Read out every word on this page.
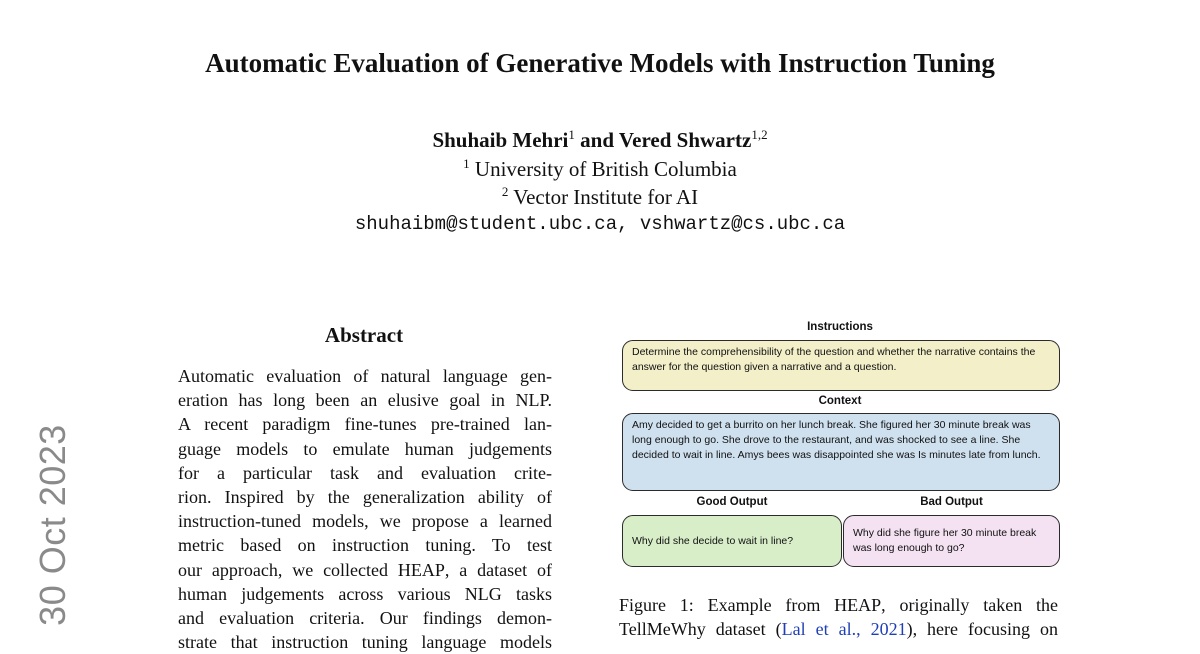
30 Oct 2023
Automatic Evaluation of Generative Models with Instruction Tuning
Shuhaib Mehri$^1$ and Vered Shwartz$^{1,2}$
$^1$ University of British Columbia
$^2$ Vector Institute for AI
shuhaibm@student.ubc.ca, vshwartz@cs.ubc.ca
Abstract
Automatic evaluation of natural language gen-
eration has long been an elusive goal in NLP.
A recent paradigm fine-tunes pre-trained lan-
guage models to emulate human judgements
for a particular task and evaluation crite-
rion. Inspired by the generalization ability of
instruction-tuned models, we propose a learned
metric based on instruction tuning. To test
our approach, we collected HEAP, a dataset of
human judgements across various NLG tasks
and evaluation criteria. Our findings demon-
strate that instruction tuning language models
Instructions
Determine the comprehensibility of the question and whether the narrative contains the answer for the question given a narrative and a question.
Context
Amy decided to get a burrito on her lunch break. She figured her 30 minute break was long enough to go. She drove to the restaurant, and was shocked to see a line. She decided to wait in line. Amys bees was disappointed she was Is minutes late from lunch.
Good Output	Bad Output
Why did she decide to wait in line?
Why did she figure her 30 minute break was long enough to go?
Figure 1: Example from HEAP, originally taken the
TellMeWhy dataset (Lal et al., 2021), here focusing on
